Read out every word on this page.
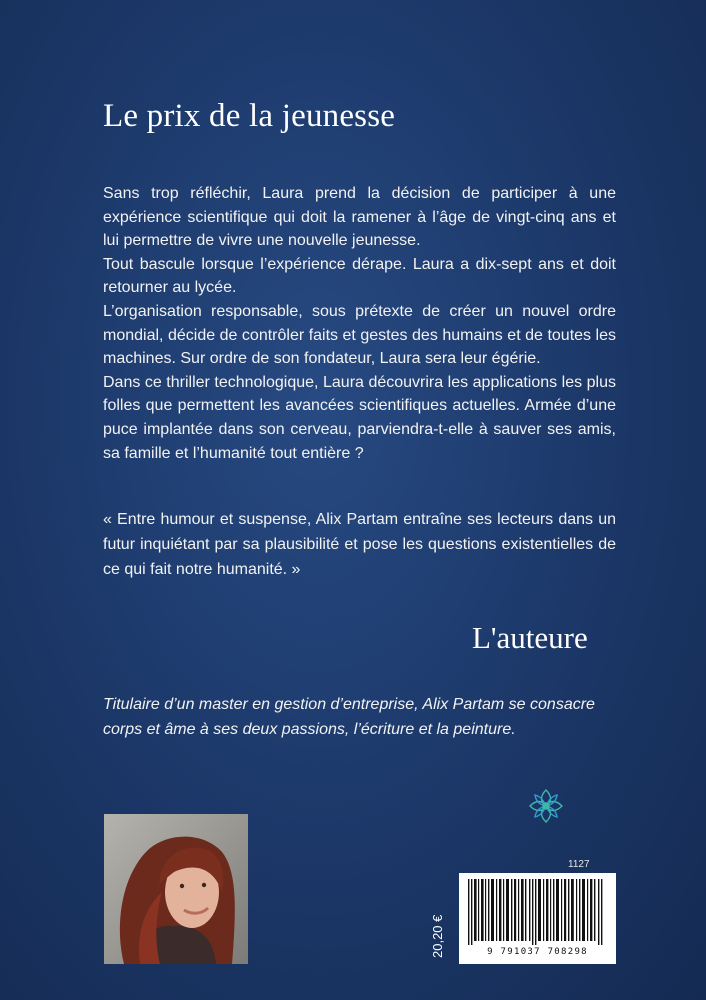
Le prix de la jeunesse

Sans trop réfléchir, Laura prend la décision de participer à une expérience scientifique qui doit la ramener à l’âge de vingt-cinq ans et lui permettre de vivre une nouvelle jeunesse.

Tout bascule lorsque l’expérience dérape. Laura a dix-sept ans et doit retourner au lycée.

L’organisation responsable, sous prétexte de créer un nouvel ordre mondial, décide de contrôler faits et gestes des humains et de toutes les machines. Sur ordre de son fondateur, Laura sera leur égérie.

Dans ce thriller technologique, Laura découvrira les applications les plus folles que permettent les avancées scientifiques actuelles. Armée d’une puce implantée dans son cerveau, parviendra-t-elle à sauver ses amis, sa famille et l’humanité tout entière ?

« Entre humour et suspense, Alix Partam entraîne ses lecteurs dans un futur inquiétant par sa plausibilité et pose les questions existentielles de ce qui fait notre humanité. »

L'auteure

Titulaire d’un master en gestion d’entreprise, Alix Partam se consacre corps et âme à ses deux passions, l’écriture et la peinture.

1127
20,20 €	9 791037 708298
